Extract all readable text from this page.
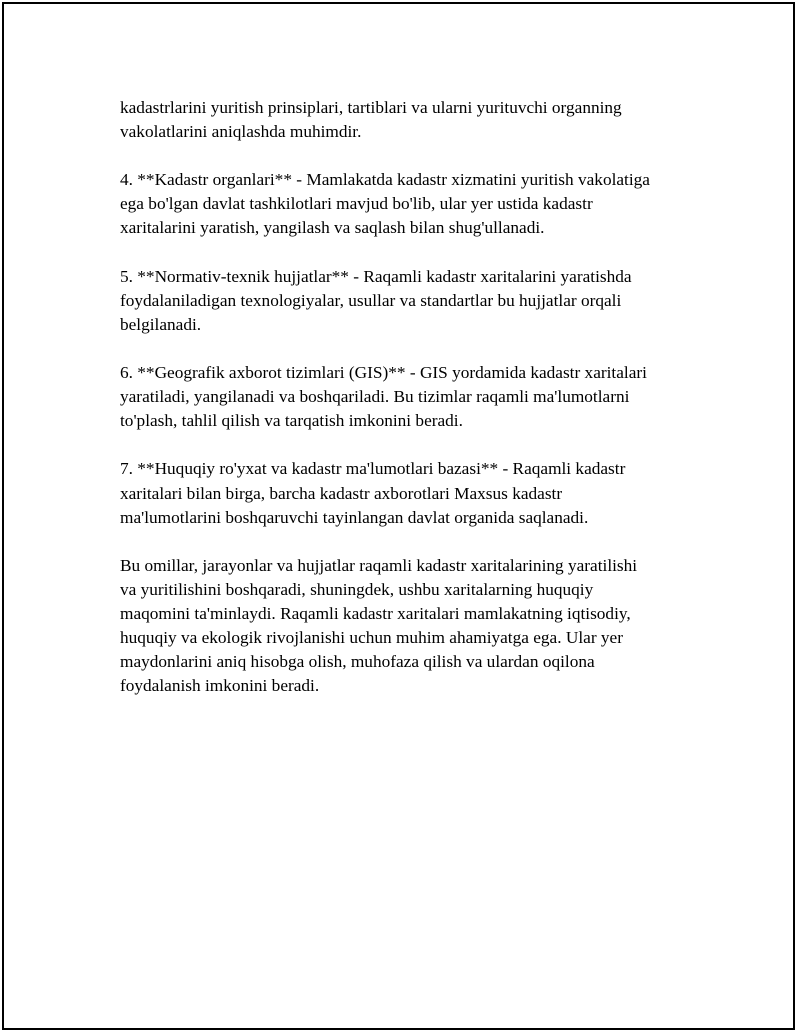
kadastrlarini yuritish prinsiplari, tartiblari va ularni yurituvchi organning
vakolatlarini aniqlashda muhimdir.

4. **Kadastr organlari** - Mamlakatda kadastr xizmatini yuritish vakolatiga
ega bo'lgan davlat tashkilotlari mavjud bo'lib, ular yer ustida kadastr
xaritalarini yaratish, yangilash va saqlash bilan shug'ullanadi.

5. **Normativ-texnik hujjatlar** - Raqamli kadastr xaritalarini yaratishda
foydalaniladigan texnologiyalar, usullar va standartlar bu hujjatlar orqali
belgilanadi.

6. **Geografik axborot tizimlari (GIS)** - GIS yordamida kadastr xaritalari
yaratiladi, yangilanadi va boshqariladi. Bu tizimlar raqamli ma'lumotlarni
to'plash, tahlil qilish va tarqatish imkonini beradi.

7. **Huquqiy ro'yxat va kadastr ma'lumotlari bazasi** - Raqamli kadastr
xaritalari bilan birga, barcha kadastr axborotlari Maxsus kadastr
ma'lumotlarini boshqaruvchi tayinlangan davlat organida saqlanadi.

Bu omillar, jarayonlar va hujjatlar raqamli kadastr xaritalarining yaratilishi
va yuritilishini boshqaradi, shuningdek, ushbu xaritalarning huquqiy
maqomini ta'minlaydi. Raqamli kadastr xaritalari mamlakatning iqtisodiy,
huquqiy va ekologik rivojlanishi uchun muhim ahamiyatga ega. Ular yer
maydonlarini aniq hisobga olish, muhofaza qilish va ulardan oqilona
foydalanish imkonini beradi.
